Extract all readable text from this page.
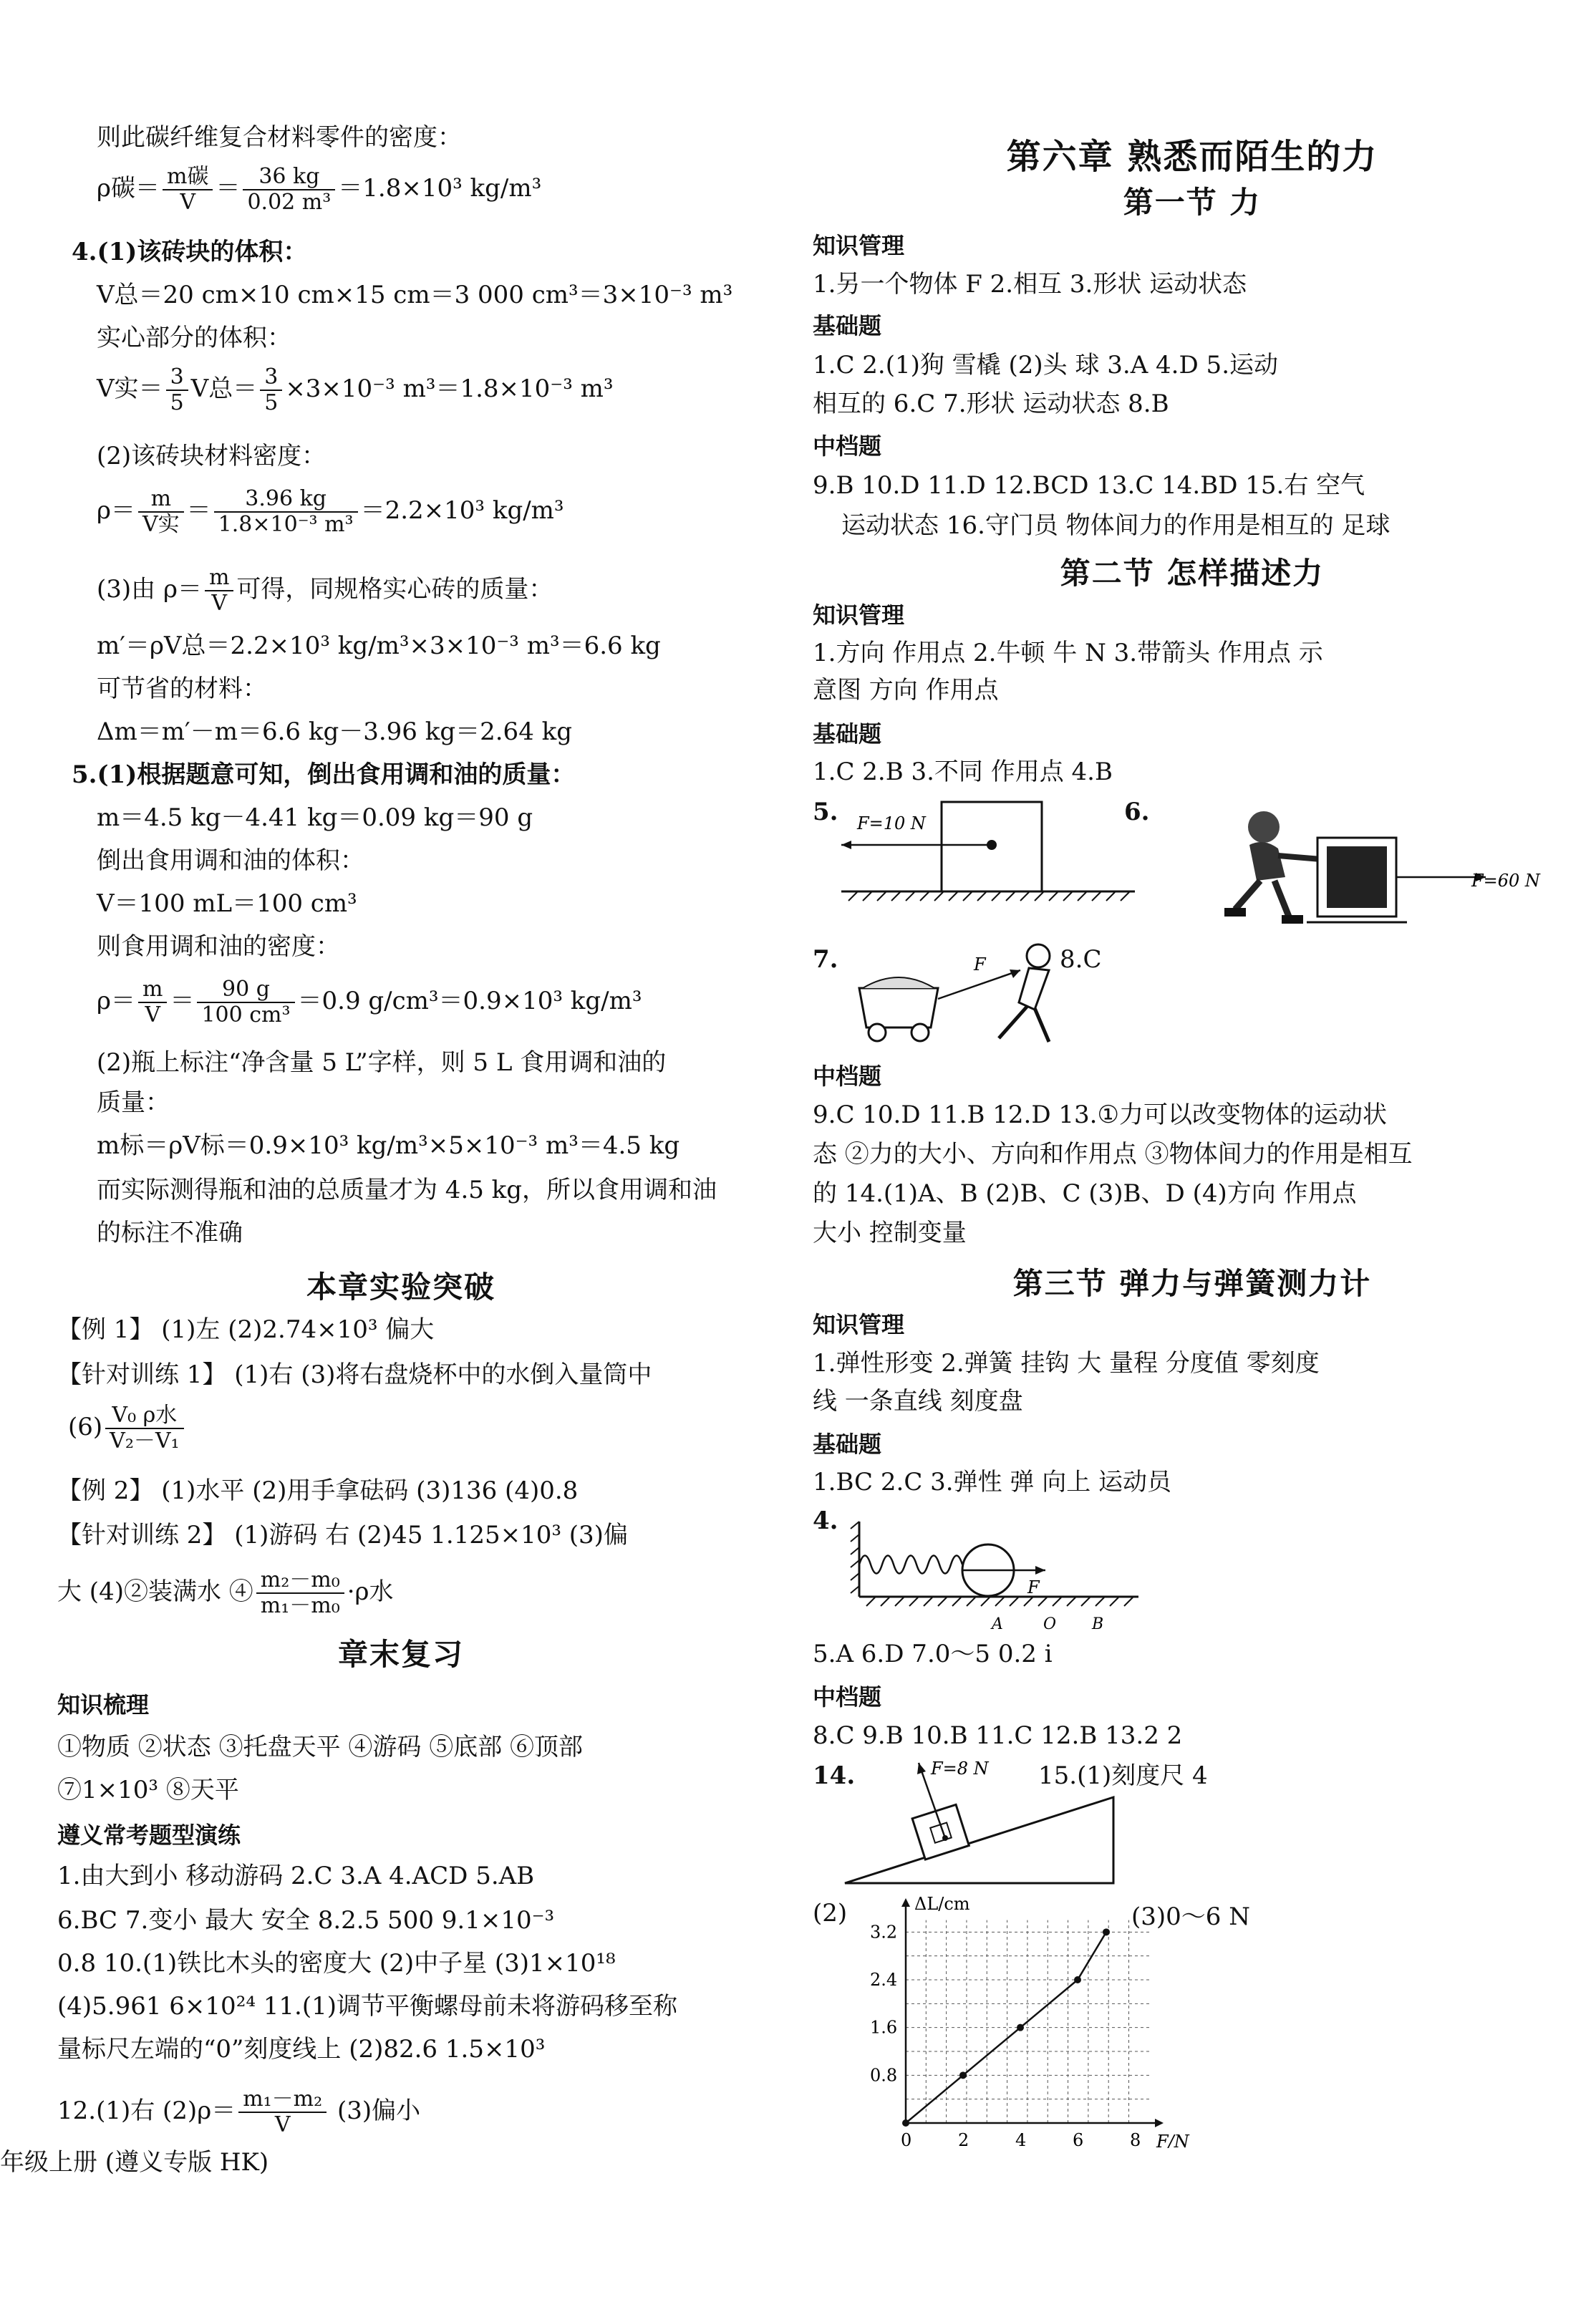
则此碳纤维复合材料零件的密度：
ρ碳＝ $\frac{\text{m碳}}{V} = \frac{36 kg}{\text{0.02 m³}} =1.8\times 10^3$ kg/m³
4.(1)该砖块的体积：
V总＝20 cm×10 cm×15 cm＝3 000 cm³＝3×10⁻³ m³
实心部分的体积：
V实＝ $\frac{3}{5}$ V总＝ $\frac{3}{5} \times 3\times 10^{-3}$ m³＝1.8×10⁻³ m³
(2)该砖块材料密度：
$\rho= \frac{m}{\text{V实}} = \frac{3.96 kg}{\text{1.8×10⁻³ m³}} =2.2\times 10^3$ kg/m³
(3)由 $\rho= \frac{m}{V}$ 可得，同规格实心砖的质量：
m′＝ρV总＝2.2×10³ kg/m³×3×10⁻³ m³＝6.6 kg
可节省的材料：
Δm＝m′－m＝6.6 kg－3.96 kg＝2.64 kg
5.(1)根据题意可知，倒出食用调和油的质量：
m＝4.5 kg－4.41 kg＝0.09 kg＝90 g
倒出食用调和油的体积：
V＝100 mL＝100 cm³
则食用调和油的密度：
$\rho= \frac{m}{V} = \frac{90 g}{\text{100 cm³}} =0.9$ g/cm³＝0.9×10³ kg/m³
(2)瓶上标注“净含量 5 L”字样，则 5 L 食用调和油的
质量：
m标＝ρV标＝0.9×10³ kg/m³×5×10⁻³ m³＝4.5 kg
而实际测得瓶和油的总质量才为 4.5 kg，所以食用调和油
的标注不准确
本章实验突破
【例 1】 (1)左 (2)2.74×10³ 偏大
【针对训练 1】 (1)右 (3)将右盘烧杯中的水倒入量筒中
$(6) \frac{\text{V₀ ρ水}}{\text{V₂－V₁}}$
【例 2】 (1)水平 (2)用手拿砝码 (3)136 (4)0.8
【针对训练 2】 (1)游码 右 (2)45 1.125×10³ (3)偏
大 (4)②装满水 ④ $\frac{\text{m₂－m₀}}{\text{m₁－m₀}} \cdot\rho$水
章末复习
知识梳理
①物质 ②状态 ③托盘天平 ④游码 ⑤底部 ⑥顶部
⑦1×10³ ⑧天平
遵义常考题型演练
1.由大到小 移动游码 2.C 3.A 4.ACD 5.AB
6.BC 7.变小 最大 安全 8.2.5 500 9.1×10⁻³
0.8 10.(1)铁比木头的密度大 (2)中子星 (3)1×10¹⁸
(4)5.961 6×10²⁴ 11.(1)调节平衡螺母前未将游码移至称
量标尺左端的“0”刻度线上 (2)82.6 1.5×10³
12.(1)右 $(2)\rho= \frac{\text{m₁－m₂}}{V} (3)$偏小
第六章 熟悉而陌生的力
第一节 力
知识管理
1.另一个物体 F 2.相互 3.形状 运动状态
基础题
1.C 2.(1)狗 雪橇 (2)头 球 3.A 4.D 5.运动
相互的 6.C 7.形状 运动状态 8.B
中档题
9.B 10.D 11.D 12.BCD 13.C 14.BD 15.右 空气
运动状态 16.守门员 物体间力的作用是相互的 足球
第二节 怎样描述力
知识管理
1.方向 作用点 2.牛顿 牛 N 3.带箭头 作用点 示
意图 方向 作用点
基础题
1.C 2.B 3.不同 作用点 4.B
5. F=10 N	6.
F=60 N
7.	F	8.C
中档题
9.C 10.D 11.B 12.D 13.①力可以改变物体的运动状
态 ②力的大小、方向和作用点 ③物体间力的作用是相互
的 14.(1)A、B (2)B、C (3)B、D (4)方向 作用点
大小 控制变量
第三节 弹力与弹簧测力计
知识管理
1.弹性形变 2.弹簧 挂钩 大 量程 分度值 零刻度
线 一条直线 刻度盘
基础题
1.BC 2.C 3.弹性 弹 向上 运动员
4.
F
A	O B
5.A 6.D 7.0～5 0.2 i
中档题
8.C 9.B 10.B 11.C 12.B 13.2 2
14.	F=8 N 15.(1)刻度尺 4
(2)	ΔL/cm
F/N
0	2	4	6	8
0.8
1.6
2.4
3.2
(3)0～6 N
年级上册 (遵义专版 HK)
